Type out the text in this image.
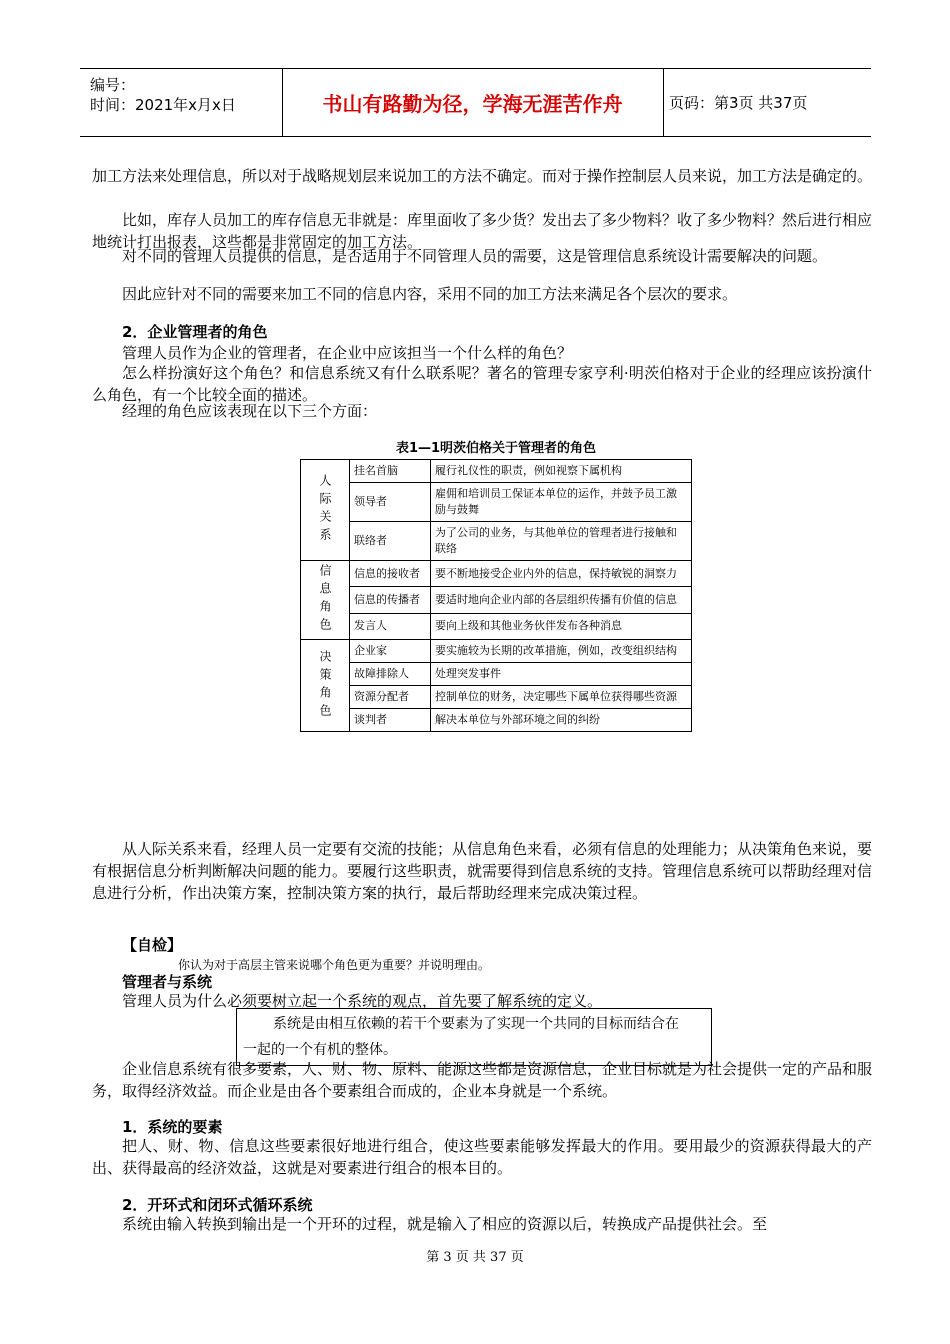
编号：
时间：2021年x月x日	书山有路勤为径，学海无涯苦作舟	页码：第3页 共37页
加工方法来处理信息，所以对于战略规划层来说加工的方法不确定。而对于操作控制层人员来说，加工方法是确定的。
比如，库存人员加工的库存信息无非就是：库里面收了多少货？发出去了多少物料？收了多少物料？然后进行相应地统计打出报表，这些都是非常固定的加工方法。
对不同的管理人员提供的信息，是否适用于不同管理人员的需要，这是管理信息系统设计需要解决的问题。
因此应针对不同的需要来加工不同的信息内容，采用不同的加工方法来满足各个层次的要求。
2．企业管理者的角色
管理人员作为企业的管理者，在企业中应该担当一个什么样的角色？
怎么样扮演好这个角色？和信息系统又有什么联系呢？著名的管理专家亨利·明茨伯格对于企业的经理应该扮演什么角色，有一个比较全面的描述。
经理的角色应该表现在以下三个方面：
表1—1明茨伯格关于管理者的角色
人际关系	挂名首脑	履行礼仪性的职责，例如视察下属机构
	领导者	雇佣和培训员工保证本单位的运作，并鼓予员工激励与鼓舞
	联络者	为了公司的业务，与其他单位的管理者进行接触和联络
信息角色	信息的接收者	要不断地接受企业内外的信息，保持敏锐的洞察力
	信息的传播者	要适时地向企业内部的各层组织传播有价值的信息
	发言人	要向上级和其他业务伙伴发布各种消息
决策角色	企业家	要实施较为长期的改革措施，例如，改变组织结构
	故障排除人	处理突发事件
	资源分配者	控制单位的财务，决定哪些下属单位获得哪些资源
	谈判者	解决本单位与外部环境之间的纠纷
从人际关系来看，经理人员一定要有交流的技能；从信息角色来看，必须有信息的处理能力；从决策角色来说，要有根据信息分析判断解决问题的能力。要履行这些职责，就需要得到信息系统的支持。管理信息系统可以帮助经理对信息进行分析，作出决策方案，控制决策方案的执行，最后帮助经理来完成决策过程。
【自检】
你认为对于高层主管来说哪个角色更为重要？并说明理由。
管理者与系统
管理人员为什么必须要树立起一个系统的观点，首先要了解系统的定义。
系统是由相互依赖的若干个要素为了实现一个共同的目标而结合在
一起的一个有机的整体。
企业信息系统有很多要素，人、财、物、原料、能源这些都是资源信息，企业目标就是为社会提供一定的产品和服务，取得经济效益。而企业是由各个要素组合而成的，企业本身就是一个系统。
1．系统的要素
把人、财、物、信息这些要素很好地进行组合，使这些要素能够发挥最大的作用。要用最少的资源获得最大的产出、获得最高的经济效益，这就是对要素进行组合的根本目的。
2．开环式和闭环式循环系统
系统由输入转换到输出是一个开环的过程，就是输入了相应的资源以后，转换成产品提供社会。至
第 3 页 共 37 页
